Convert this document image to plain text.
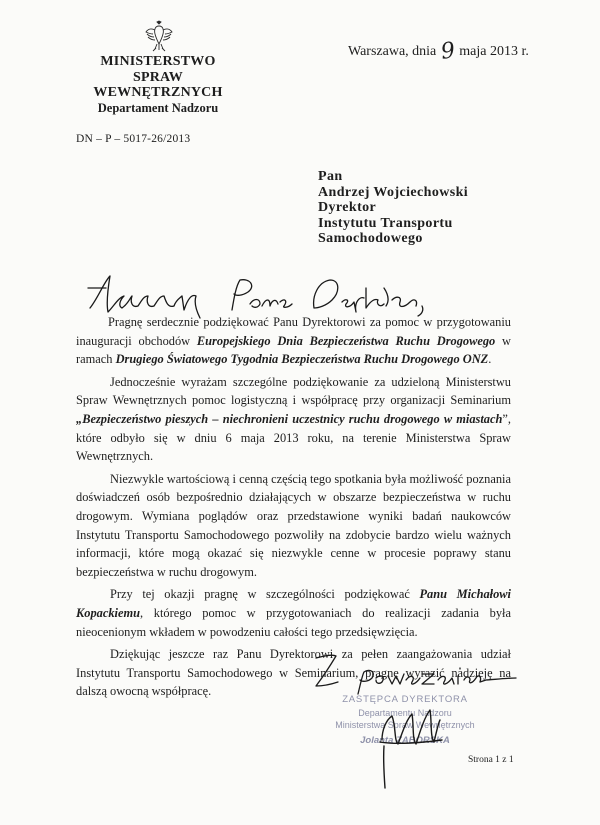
MINISTERSTWO
SPRAW WEWNĘTRZNYCH
Departament Nadzoru
Warszawa, dnia 9 maja 2013 r.
DN – P – 5017-26/2013
Pan
Andrzej Wojciechowski
Dyrektor
Instytutu Transportu
Samochodowego

Pragnę serdecznie podziękować Panu Dyrektorowi za pomoc w przygotowaniu inauguracji obchodów Europejskiego Dnia Bezpieczeństwa Ruchu Drogowego w ramach Drugiego Światowego Tygodnia Bezpieczeństwa Ruchu Drogowego ONZ.

Jednocześnie wyrażam szczególne podziękowanie za udzieloną Ministerstwu Spraw Wewnętrznych pomoc logistyczną i współpracę przy organizacji Seminarium „Bezpieczeństwo pieszych – niechronieni uczestnicy ruchu drogowego w miastach”, które odbyło się w dniu 6 maja 2013 roku, na terenie Ministerstwa Spraw Wewnętrznych.

Niezwykle wartościową i cenną częścią tego spotkania była możliwość poznania doświadczeń osób bezpośrednio działających w obszarze bezpieczeństwa w ruchu drogowym. Wymiana poglądów oraz przedstawione wyniki badań naukowców Instytutu Transportu Samochodowego pozwoliły na zdobycie bardzo wielu ważnych informacji, które mogą okazać się niezwykle cenne w procesie poprawy stanu bezpieczeństwa w ruchu drogowym.

Przy tej okazji pragnę w szczególności podziękować Panu Michałowi Kopackiemu, którego pomoc w przygotowaniach do realizacji zadania była nieocenionym wkładem w powodzeniu całości tego przedsięwzięcia.

Dziękując jeszcze raz Panu Dyrektorowi za pełen zaangażowania udział Instytutu Transportu Samochodowego w Seminarium, pragnę wyrazić nadzieję na dalszą owocną współpracę.

ZASTĘPCA DYREKTORA
Departamentu Nadzoru
Ministerstwa Spraw Wewnętrznych
Jolanta ZABORSKA
Strona 1 z 1
